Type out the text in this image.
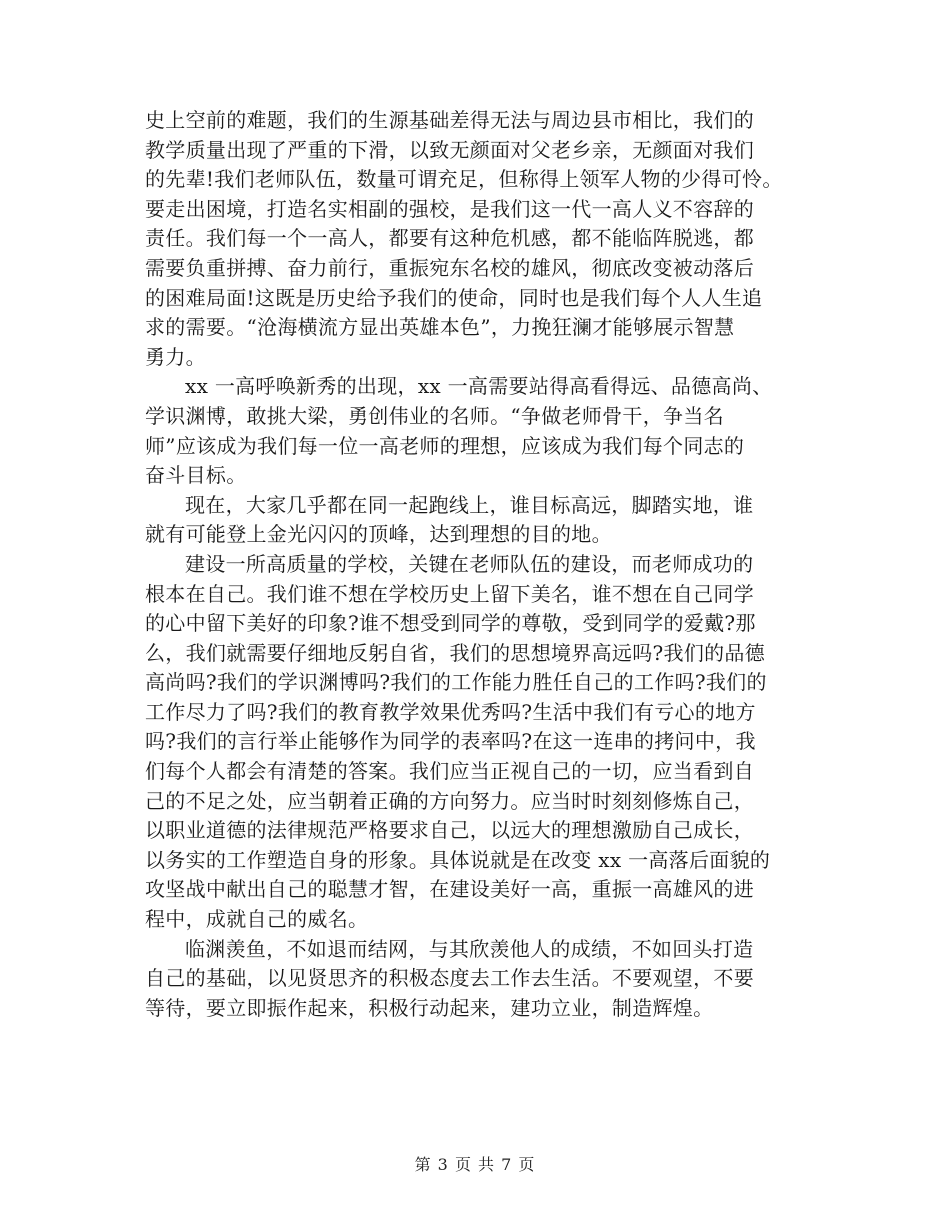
史上空前的难题，我们的生源基础差得无法与周边县市相比，我们的
教学质量出现了严重的下滑，以致无颜面对父老乡亲，无颜面对我们
的先辈!我们老师队伍，数量可谓充足，但称得上领军人物的少得可怜。
要走出困境，打造名实相副的强校，是我们这一代一高人义不容辞的
责任。我们每一个一高人，都要有这种危机感，都不能临阵脱逃，都
需要负重拼搏、奋力前行，重振宛东名校的雄风，彻底改变被动落后
的困难局面!这既是历史给予我们的使命，同时也是我们每个人人生追
求的需要。“沧海横流方显出英雄本色”，力挽狂澜才能够展示智慧
勇力。
xx 一高呼唤新秀的出现，xx 一高需要站得高看得远、品德高尚、
学识渊博，敢挑大梁，勇创伟业的名师。“争做老师骨干，争当名
师”应该成为我们每一位一高老师的理想，应该成为我们每个同志的
奋斗目标。
现在，大家几乎都在同一起跑线上，谁目标高远，脚踏实地，谁
就有可能登上金光闪闪的顶峰，达到理想的目的地。
建设一所高质量的学校，关键在老师队伍的建设，而老师成功的
根本在自己。我们谁不想在学校历史上留下美名，谁不想在自己同学
的心中留下美好的印象?谁不想受到同学的尊敬，受到同学的爱戴?那
么，我们就需要仔细地反躬自省，我们的思想境界高远吗?我们的品德
高尚吗?我们的学识渊博吗?我们的工作能力胜任自己的工作吗?我们的
工作尽力了吗?我们的教育教学效果优秀吗?生活中我们有亏心的地方
吗?我们的言行举止能够作为同学的表率吗?在这一连串的拷问中，我
们每个人都会有清楚的答案。我们应当正视自己的一切，应当看到自
己的不足之处，应当朝着正确的方向努力。应当时时刻刻修炼自己，
以职业道德的法律规范严格要求自己，以远大的理想激励自己成长，
以务实的工作塑造自身的形象。具体说就是在改变 xx 一高落后面貌的
攻坚战中献出自己的聪慧才智，在建设美好一高，重振一高雄风的进
程中，成就自己的威名。
临渊羡鱼，不如退而结网，与其欣羡他人的成绩，不如回头打造
自己的基础，以见贤思齐的积极态度去工作去生活。不要观望，不要
等待，要立即振作起来，积极行动起来，建功立业，制造辉煌。
第 3 页 共 7 页
